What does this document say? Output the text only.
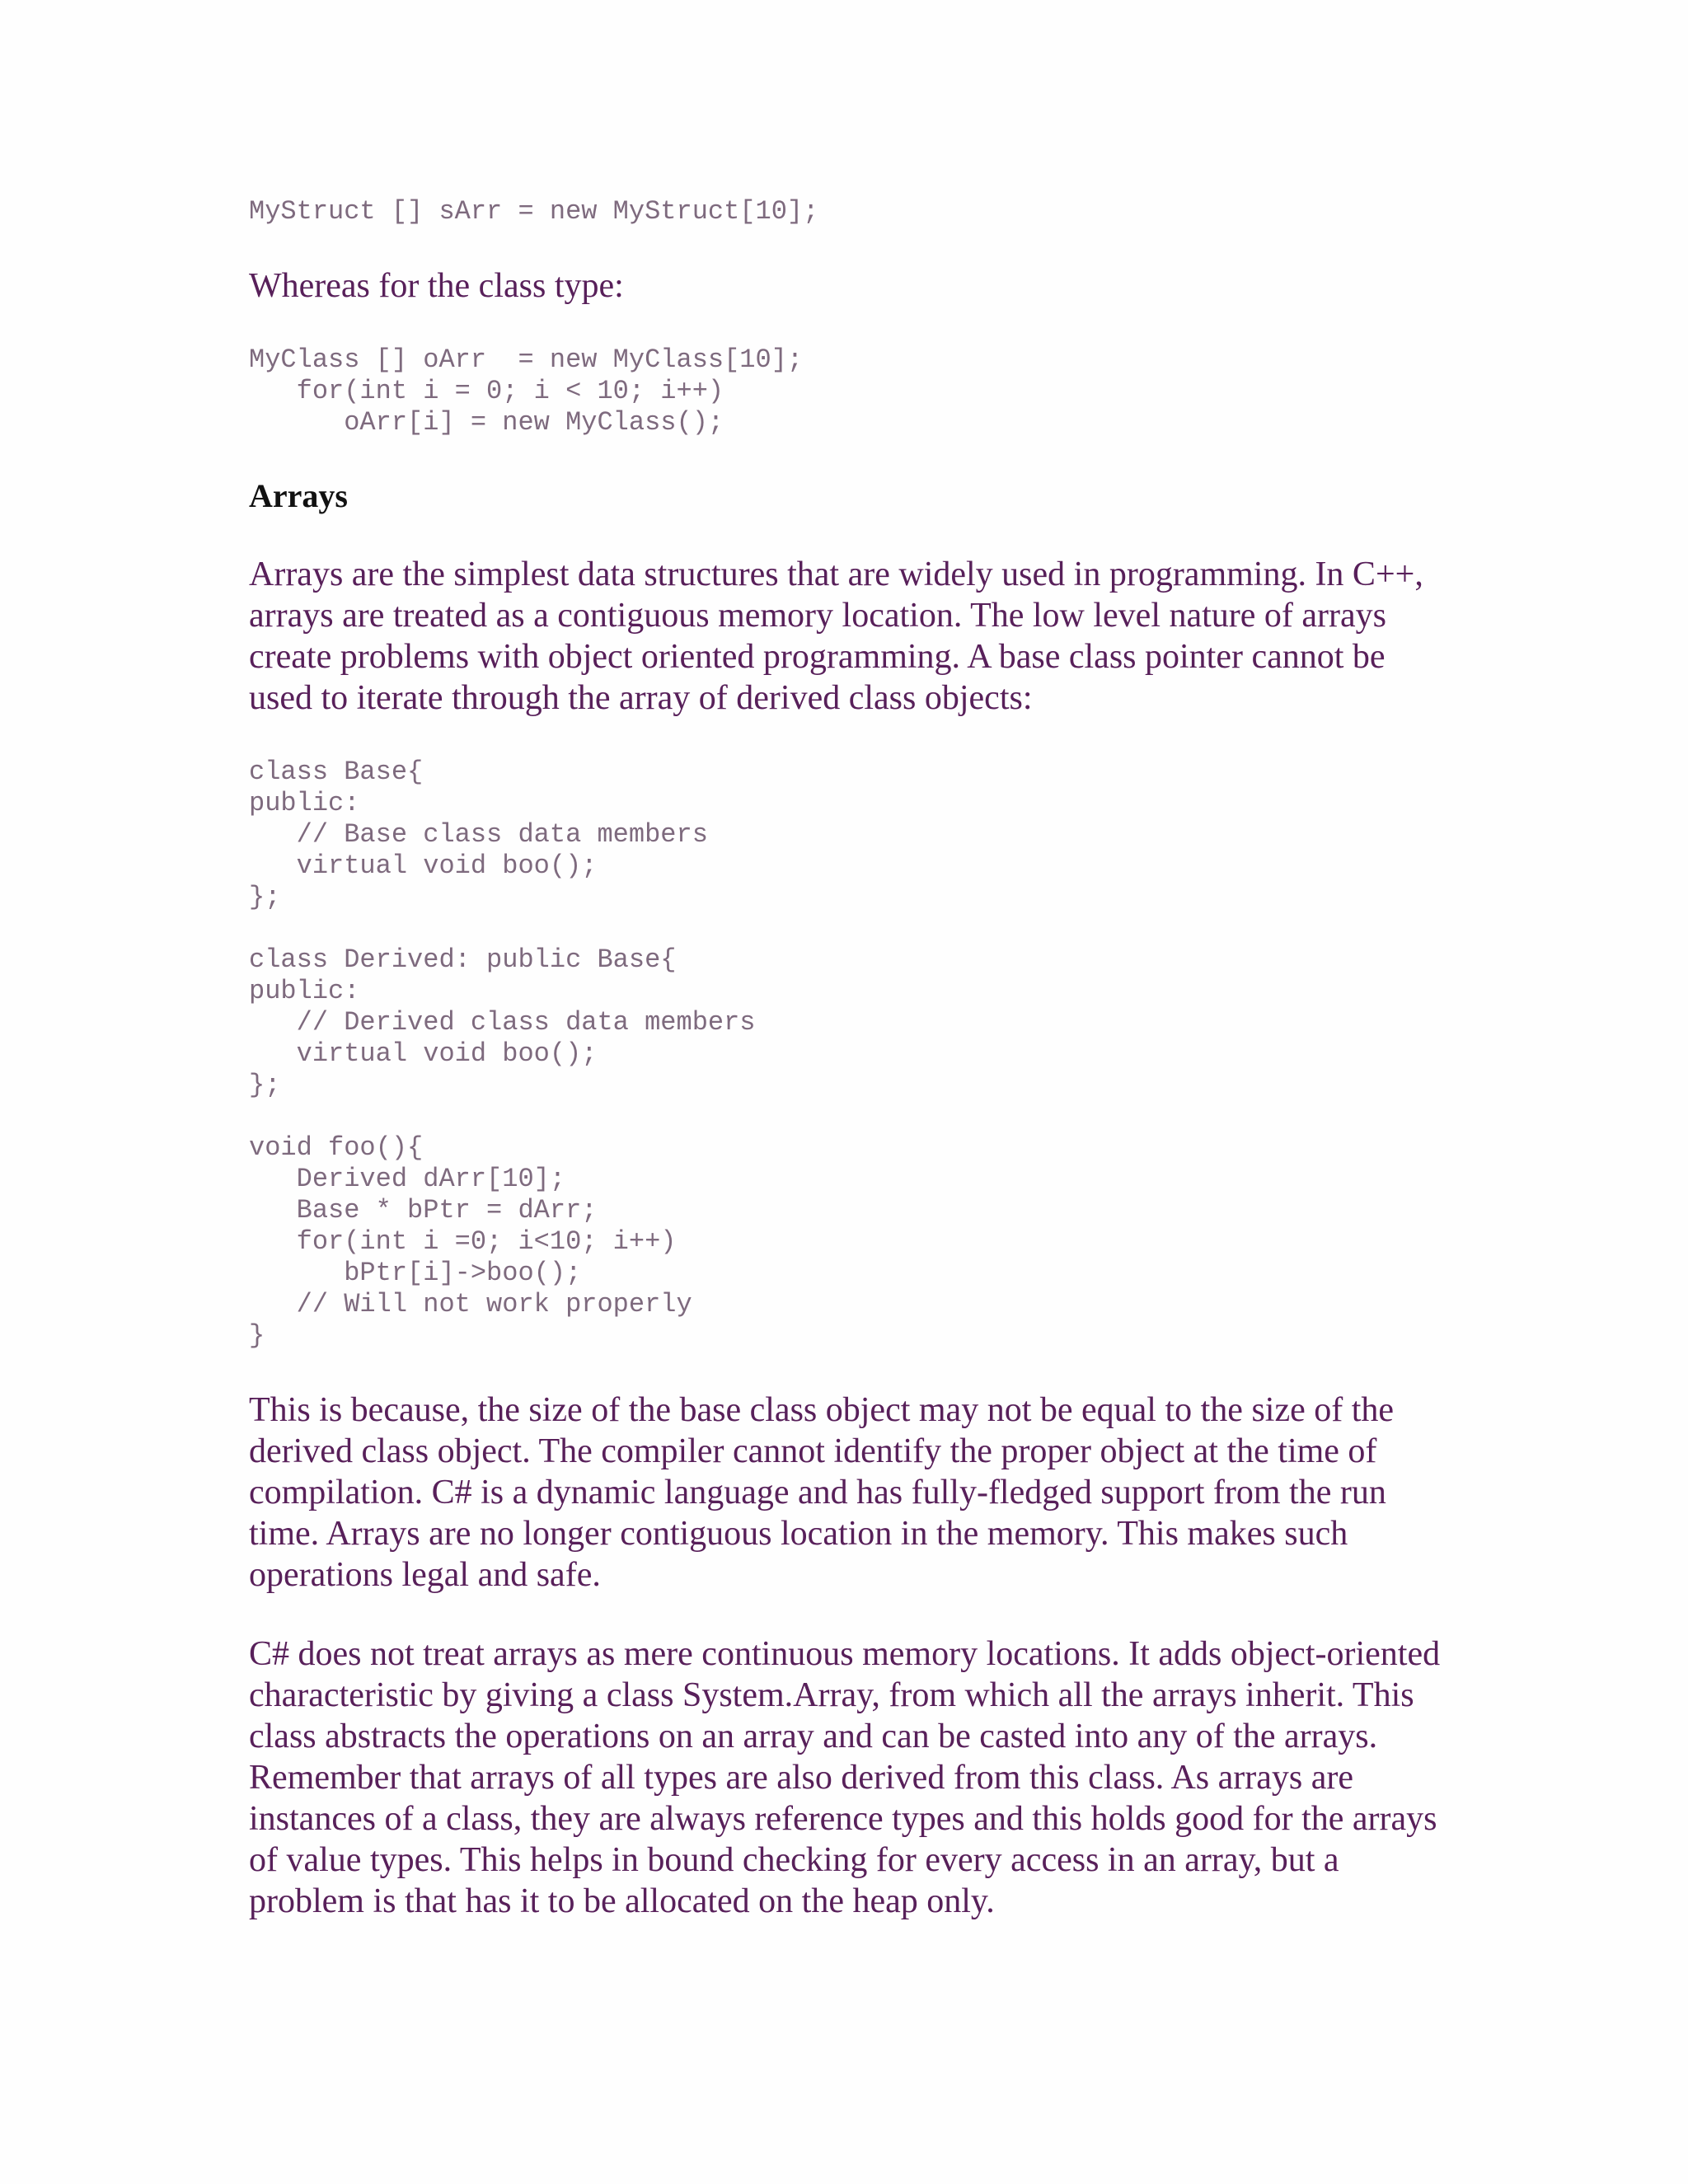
MyStruct [] sArr = new MyStruct[10];

Whereas for the class type:

MyClass [] oArr  = new MyClass[10];
for(int i = 0; i < 10; i++)
oArr[i] = new MyClass();
Arrays

Arrays are the simplest data structures that are widely used in programming. In C++, arrays are treated as a contiguous memory location. The low level nature of arrays create problems with object oriented programming. A base class pointer cannot be used to iterate through the array of derived class objects:

class Base{
public:
// Base class data members
virtual void boo();
};

class Derived: public Base{
public:
// Derived class data members
virtual void boo();
};

void foo(){
Derived dArr[10];
Base * bPtr = dArr;
for(int i =0; i<10; i++)
bPtr[i]->boo();
// Will not work properly
}

This is because, the size of the base class object may not be equal to the size of the derived class object. The compiler cannot identify the proper object at the time of compilation. C# is a dynamic language and has fully-fledged support from the run time. Arrays are no longer contiguous location in the memory. This makes such operations legal and safe.

C# does not treat arrays as mere continuous memory locations. It adds object-oriented characteristic by giving a class System.Array, from which all the arrays inherit. This class abstracts the operations on an array and can be casted into any of the arrays. Remember that arrays of all types are also derived from this class. As arrays are instances of a class, they are always reference types and this holds good for the arrays of value types. This helps in bound checking for every access in an array, but a problem is that has it to be allocated on the heap only.
